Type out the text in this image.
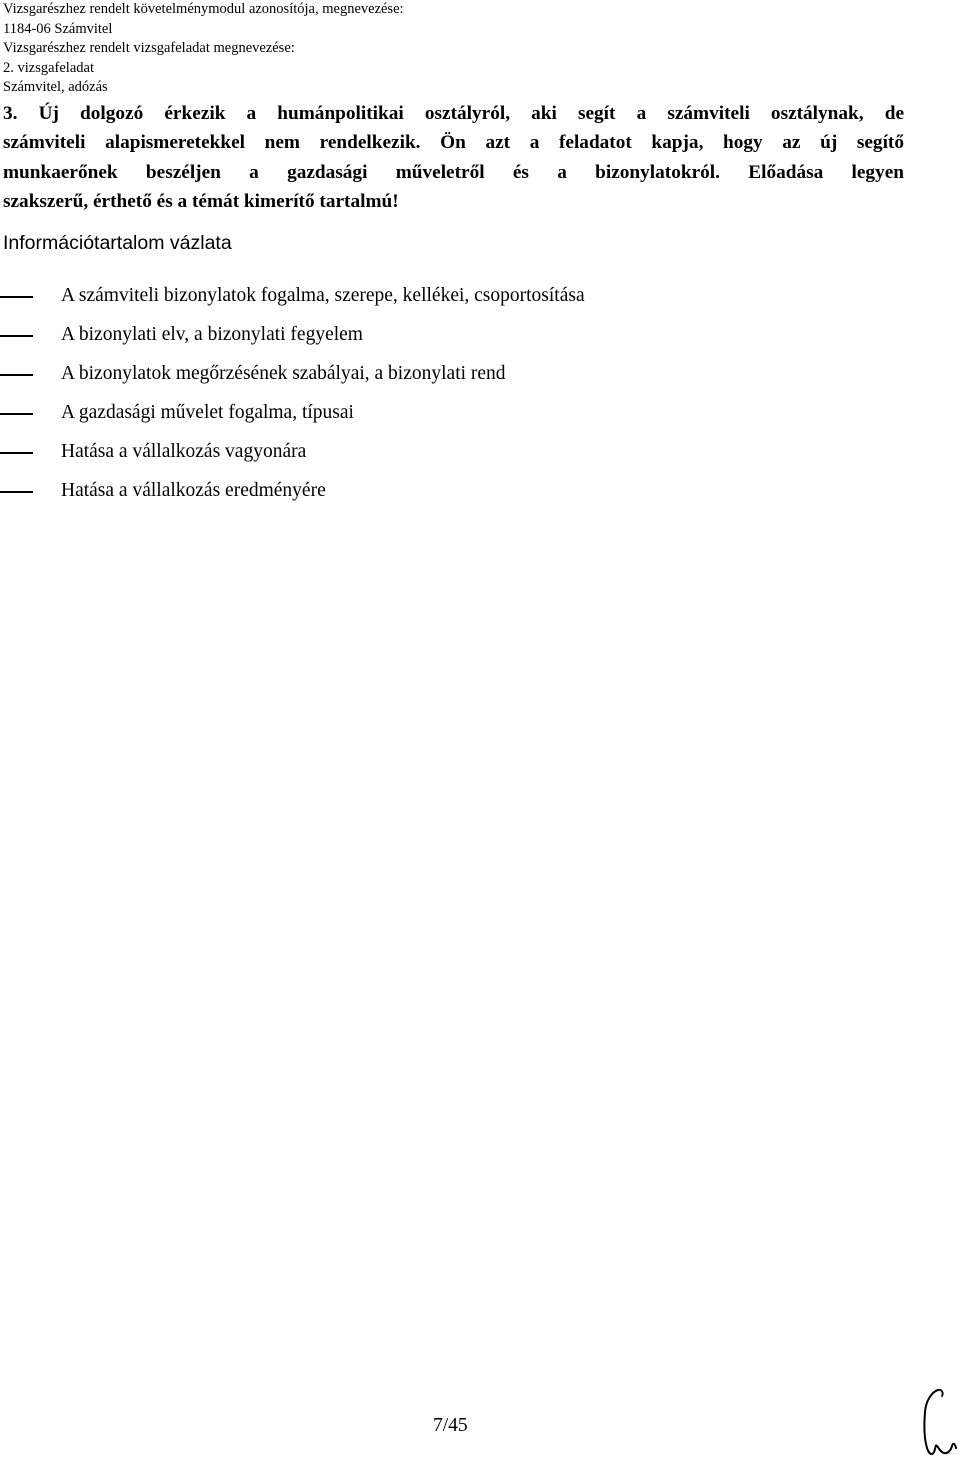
Vizsgarészhez rendelt követelménymodul azonosítója, megnevezése:
1184-06 Számvitel
Vizsgarészhez rendelt vizsgafeladat megnevezése:
2. vizsgafeladat
Számvitel, adózás
3. Új dolgozó érkezik a humánpolitikai osztályról, aki segít a számviteli osztálynak, de
számviteli alapismeretekkel nem rendelkezik. Ön azt a feladatot kapja, hogy az új segítő
munkaerőnek beszéljen a gazdasági műveletről és a bizonylatokról. Előadása legyen
szakszerű, érthető és a témát kimerítő tartalmú!
Információtartalom vázlata
A számviteli bizonylatok fogalma, szerepe, kellékei, csoportosítása
A bizonylati elv, a bizonylati fegyelem
A bizonylatok megőrzésének szabályai, a bizonylati rend
A gazdasági művelet fogalma, típusai
Hatása a vállalkozás vagyonára
Hatása a vállalkozás eredményére
7/45
